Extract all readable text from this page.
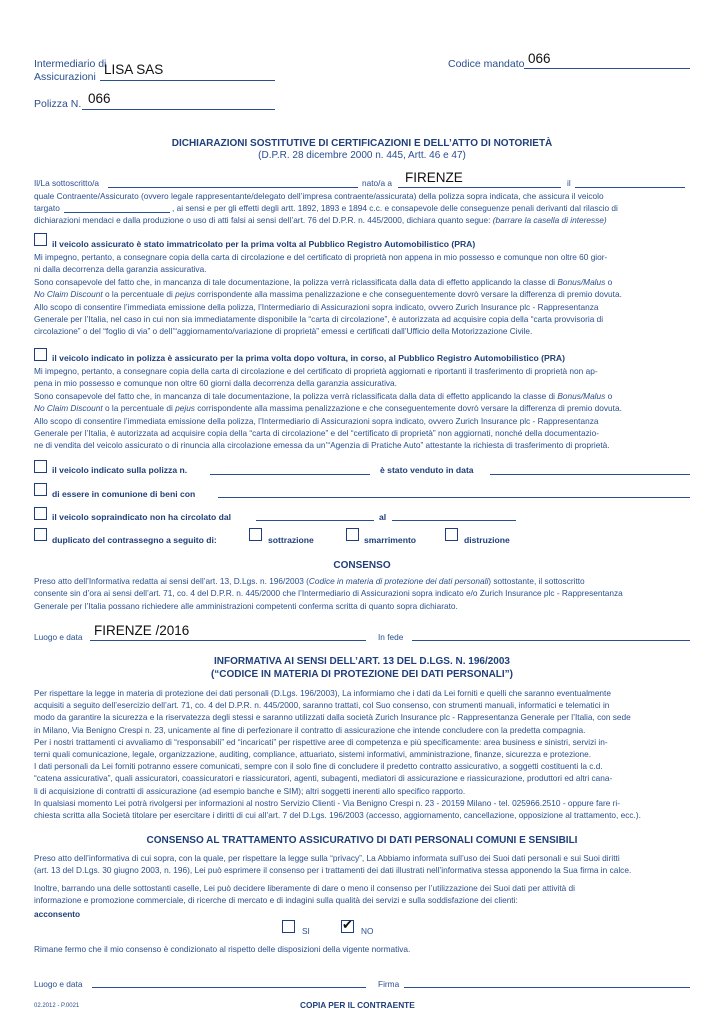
Intermediario di
Assicurazioni LISA SAS
Polizza N. 066
Codice mandato 066

DICHIARAZIONI SOSTITUTIVE DI CERTIFICAZIONI E DELL’ATTO DI NOTORIETÀ

(D.P.R. 28 dicembre 2000 n. 445, Artt. 46 e 47)

Il/La sottoscritto/a	nato/a a FIRENZE	il

quale Contraente/Assicurato (ovvero legale rappresentante/delegato dell’impresa contraente/assicurata) della polizza sopra indicata, che assicura il veicolo

targato	, ai sensi e per gli effetti degli artt. 1892, 1893 e 1894 c.c. e consapevole delle conseguenze penali derivanti dal rilascio di
dichiarazioni mendaci e dalla produzione o uso di atti falsi ai sensi dell’art. 76 del D.P.R. n. 445/2000, dichiara quanto segue: (barrare la casella di interesse)
il veicolo assicurato è stato immatricolato per la prima volta al Pubblico Registro Automobilistico (PRA)
Mi impegno, pertanto, a consegnare copia della carta di circolazione e del certificato di proprietà non appena in mio possesso e comunque non oltre 60 gior-
ni dalla decorrenza della garanzia assicurativa.
Sono consapevole del fatto che, in mancanza di tale documentazione, la polizza verrà riclassificata dalla data di effetto applicando la classe di Bonus/Malus o
No Claim Discount o la percentuale di pejus corrispondente alla massima penalizzazione e che conseguentemente dovrò versare la differenza di premio dovuta.
Allo scopo di consentire l’immediata emissione della polizza, l’Intermediario di Assicurazioni sopra indicato, ovvero Zurich Insurance plc - Rappresentanza
Generale per l’Italia, nel caso in cui non sia immediatamente disponibile la “carta di circolazione”, è autorizzata ad acquisire copia della “carta provvisoria di
circolazione” o del “foglio di via” o dell’“aggiornamento/variazione di proprietà” emessi e certificati dall’Ufficio della Motorizzazione Civile.
il veicolo indicato in polizza è assicurato per la prima volta dopo voltura, in corso, al Pubblico Registro Automobilistico (PRA)
Mi impegno, pertanto, a consegnare copia della carta di circolazione e del certificato di proprietà aggiornati e riportanti il trasferimento di proprietà non ap-
pena in mio possesso e comunque non oltre 60 giorni dalla decorrenza della garanzia assicurativa.
Sono consapevole del fatto che, in mancanza di tale documentazione, la polizza verrà riclassificata dalla data di effetto applicando la classe di Bonus/Malus o
No Claim Discount o la percentuale di pejus corrispondente alla massima penalizzazione e che conseguentemente dovrò versare la differenza di premio dovuta.
Allo scopo di consentire l’immediata emissione della polizza, l’Intermediario di Assicurazioni sopra indicato, ovvero Zurich Insurance plc - Rappresentanza
Generale per l’Italia, è autorizzata ad acquisire copia della “carta di circolazione” e del “certificato di proprietà” non aggiornati, nonché della documentazio-
ne di vendita del veicolo assicurato o di rinuncia alla circolazione emessa da un’“Agenzia di Pratiche Auto” attestante la richiesta di trasferimento di proprietà.
il veicolo indicato sulla polizza n.	è stato venduto in data
di essere in comunione di beni con
il veicolo sopraindicato non ha circolato dal	al
duplicato del contrassegno a seguito di:	sottrazione	smarrimento	distruzione

CONSENSO

Preso atto dell’Informativa redatta ai sensi dell’art. 13, D.Lgs. n. 196/2003 (Codice in materia di protezione dei dati personali) sottostante, il sottoscritto
consente sin d’ora ai sensi dell’art. 71, co. 4 del D.P.R. n. 445/2000 che l’Intermediario di Assicurazioni sopra indicato e/o Zurich Insurance plc - Rappresentanza
Generale per l’Italia possano richiedere alle amministrazioni competenti conferma scritta di quanto sopra dichiarato.
Luogo e data FIRENZE /2016	In fede

INFORMATIVA AI SENSI DELL’ART. 13 DEL D.LGS. N. 196/2003

(“CODICE IN MATERIA DI PROTEZIONE DEI DATI PERSONALI”)

Per rispettare la legge in materia di protezione dei dati personali (D.Lgs. 196/2003), La informiamo che i dati da Lei forniti e quelli che saranno eventualmente
acquisiti a seguito dell’esercizio dell’art. 71, co. 4 del D.P.R. n. 445/2000, saranno trattati, col Suo consenso, con strumenti manuali, informatici e telematici in
modo da garantire la sicurezza e la riservatezza degli stessi e saranno utilizzati dalla società Zurich Insurance plc - Rappresentanza Generale per l’Italia, con sede
in Milano, Via Benigno Crespi n. 23, unicamente al fine di perfezionare il contratto di assicurazione che intende concludere con la predetta compagnia.
Per i nostri trattamenti ci avvaliamo di “responsabili” ed “incaricati” per rispettive aree di competenza e più specificamente: area business e sinistri, servizi in-
terni quali comunicazione, legale, organizzazione, auditing, compliance, attuariato, sistemi informativi, amministrazione, finanze, sicurezza e protezione.
I dati personali da Lei forniti potranno essere comunicati, sempre con il solo fine di concludere il predetto contratto assicurativo, a soggetti costituenti la c.d.
“catena assicurativa”, quali assicuratori, coassicuratori e riassicuratori, agenti, subagenti, mediatori di assicurazione e riassicurazione, produttori ed altri cana-
li di acquisizione di contratti di assicurazione (ad esempio banche e SIM); altri soggetti inerenti allo specifico rapporto.
In qualsiasi momento Lei potrà rivolgersi per informazioni al nostro Servizio Clienti - Via Benigno Crespi n. 23 - 20159 Milano - tel. 025966.2510 - oppure fare ri-
chiesta scritta alla Società titolare per esercitare i diritti di cui all’art. 7 del D.Lgs. 196/2003 (accesso, aggiornamento, cancellazione, opposizione al trattamento, ecc.).

CONSENSO AL TRATTAMENTO ASSICURATIVO DI DATI PERSONALI COMUNI E SENSIBILI

Preso atto dell’informativa di cui sopra, con la quale, per rispettare la legge sulla “privacy”, La Abbiamo informata sull’uso dei Suoi dati personali e sui Suoi diritti
(art. 13 del D.Lgs. 30 giugno 2003, n. 196), Lei può esprimere il consenso per i trattamenti dei dati illustrati nell’informativa stessa apponendo la Sua firma in calce.
Inoltre, barrando una delle sottostanti caselle, Lei può decidere liberamente di dare o meno il consenso per l’utilizzazione dei Suoi dati per attività di
informazione e promozione commerciale, di ricerche di mercato e di indagini sulla qualità dei servizi e sulla soddisfazione dei clienti:
acconsento
SI ✔ NO
Rimane fermo che il mio consenso è condizionato al rispetto delle disposizioni della vigente normativa.
Luogo e data	Firma
02.2012 - P.0021	COPIA PER IL CONTRAENTE
